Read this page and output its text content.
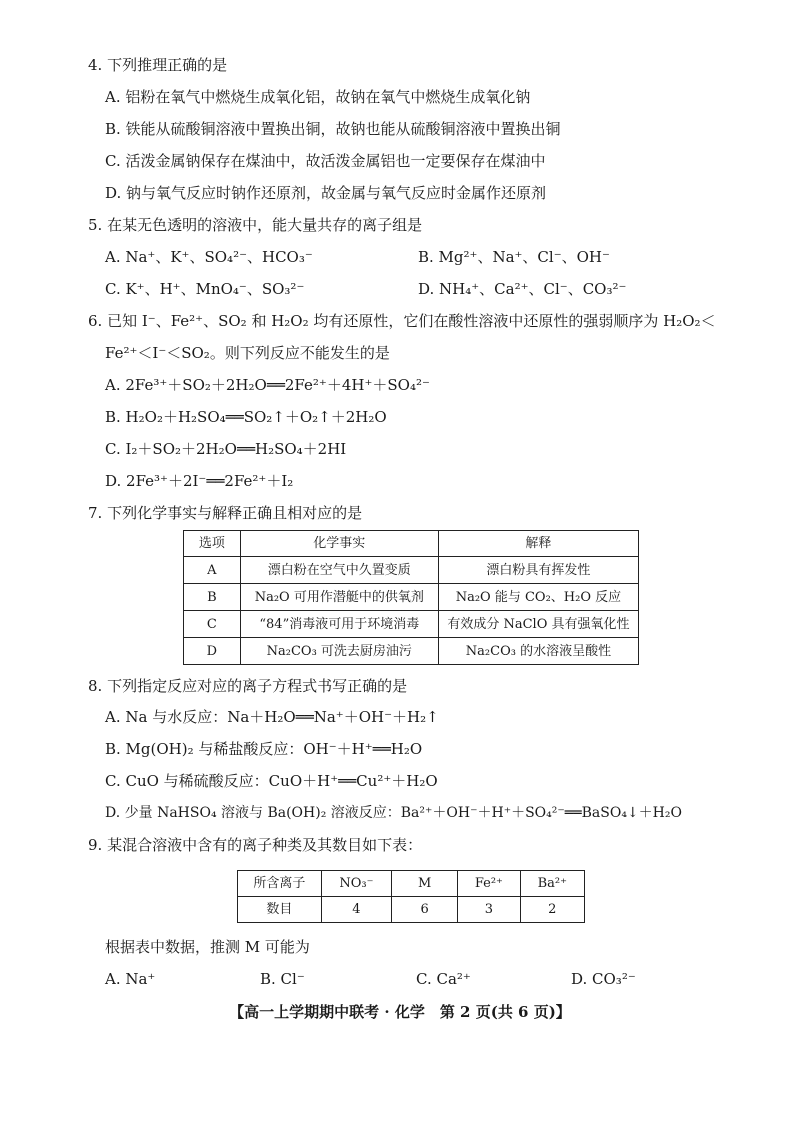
4. 下列推理正确的是
A. 铝粉在氧气中燃烧生成氧化铝，故钠在氧气中燃烧生成氧化钠
B. 铁能从硫酸铜溶液中置换出铜，故钠也能从硫酸铜溶液中置换出铜
C. 活泼金属钠保存在煤油中，故活泼金属铝也一定要保存在煤油中
D. 钠与氧气反应时钠作还原剂，故金属与氧气反应时金属作还原剂
5. 在某无色透明的溶液中，能大量共存的离子组是
A. Na⁺、K⁺、SO₄²⁻、HCO₃⁻	B. Mg²⁺、Na⁺、Cl⁻、OH⁻
C. K⁺、H⁺、MnO₄⁻、SO₃²⁻	D. NH₄⁺、Ca²⁺、Cl⁻、CO₃²⁻
6. 已知 I⁻、Fe²⁺、SO₂ 和 H₂O₂ 均有还原性，它们在酸性溶液中还原性的强弱顺序为 H₂O₂＜
Fe²⁺＜I⁻＜SO₂。则下列反应不能发生的是
A. 2Fe³⁺＋SO₂＋2H₂O══2Fe²⁺＋4H⁺＋SO₄²⁻
B. H₂O₂＋H₂SO₄══SO₂↑＋O₂↑＋2H₂O
C. I₂＋SO₂＋2H₂O══H₂SO₄＋2HI
D. 2Fe³⁺＋2I⁻══2Fe²⁺＋I₂
7. 下列化学事实与解释正确且相对应的是
选项	化学事实	解释
A	漂白粉在空气中久置变质	漂白粉具有挥发性
B	Na₂O 可用作潜艇中的供氧剂	Na₂O 能与 CO₂、H₂O 反应
C	“84”消毒液可用于环境消毒	有效成分 NaClO 具有强氧化性
D	Na₂CO₃ 可洗去厨房油污	Na₂CO₃ 的水溶液呈酸性
8. 下列指定反应对应的离子方程式书写正确的是
A. Na 与水反应：Na＋H₂O══Na⁺＋OH⁻＋H₂↑
B. Mg(OH)₂ 与稀盐酸反应：OH⁻＋H⁺══H₂O
C. CuO 与稀硫酸反应：CuO＋H⁺══Cu²⁺＋H₂O
D. 少量 NaHSO₄ 溶液与 Ba(OH)₂ 溶液反应：Ba²⁺＋OH⁻＋H⁺＋SO₄²⁻══BaSO₄↓＋H₂O
9. 某混合溶液中含有的离子种类及其数目如下表：
所含离子	NO₃⁻	M	Fe²⁺	Ba²⁺
数目	4	6	3	2
根据表中数据，推测 M 可能为
A. Na⁺	B. Cl⁻	C. Ca²⁺	D. CO₃²⁻
【高一上学期期中联考 · 化学　第 2 页(共 6 页)】
